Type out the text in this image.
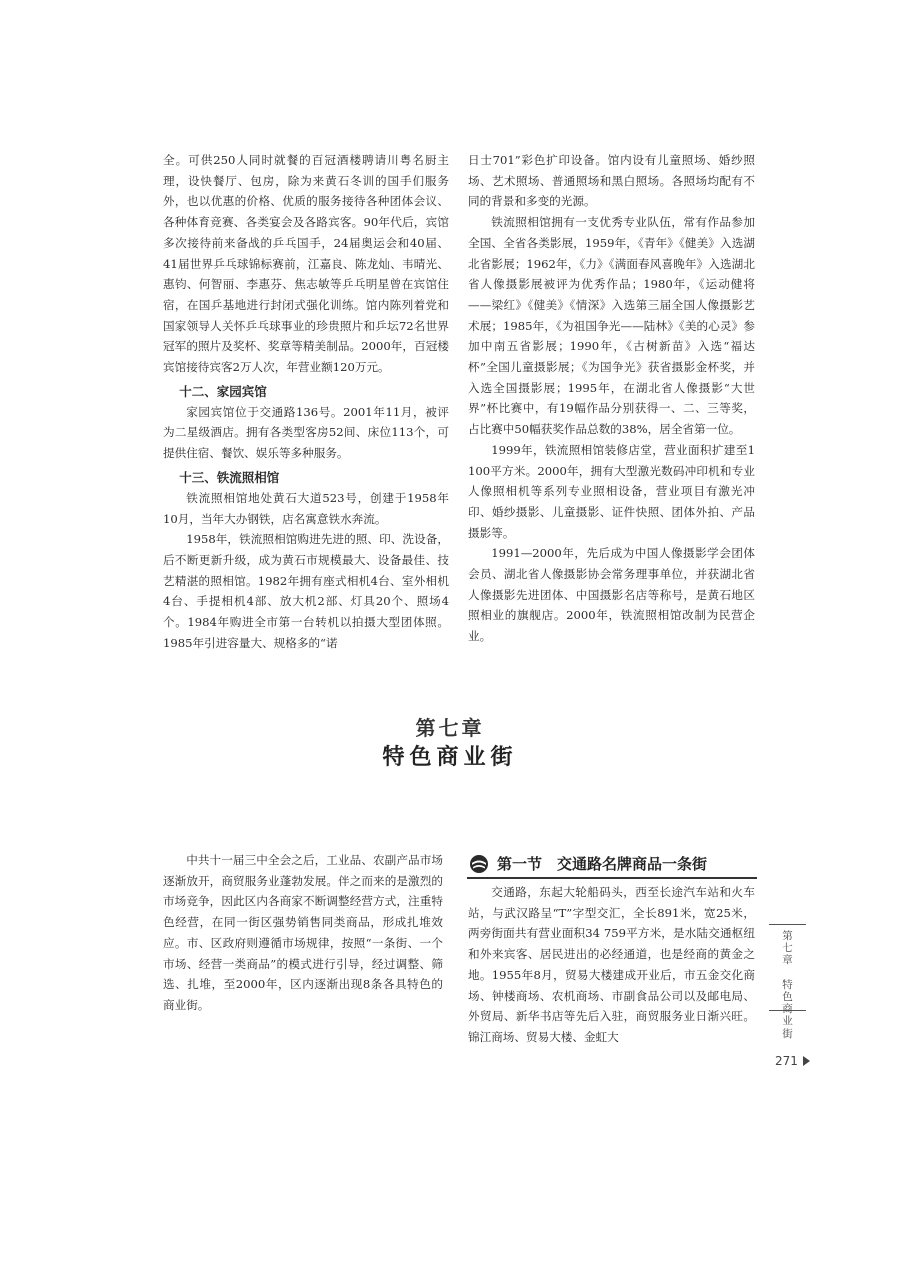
全。可供250人同时就餐的百冠酒楼聘请川粤名厨主理，设快餐厅、包房，除为来黄石冬训的国手们服务外，也以优惠的价格、优质的服务接待各种团体会议、各种体育竞赛、各类宴会及各路宾客。90年代后，宾馆多次接待前来备战的乒乓国手，24届奥运会和40届、41届世界乒乓球锦标赛前，江嘉良、陈龙灿、韦晴光、惠钧、何智丽、李惠芬、焦志敏等乒乓明星曾在宾馆住宿，在国乒基地进行封闭式强化训练。馆内陈列着党和国家领导人关怀乒乓球事业的珍贵照片和乒坛72名世界冠军的照片及奖杯、奖章等精美制品。2000年，百冠楼宾馆接待宾客2万人次，年营业额120万元。

十二、家园宾馆

家园宾馆位于交通路136号。2001年11月，被评为二星级酒店。拥有各类型客房52间、床位113个，可提供住宿、餐饮、娱乐等多种服务。

十三、铁流照相馆

铁流照相馆地处黄石大道523号，创建于1958年10月，当年大办钢铁，店名寓意铁水奔流。

1958年，铁流照相馆购进先进的照、印、洗设备，后不断更新升级，成为黄石市规模最大、设备最佳、技艺精湛的照相馆。1982年拥有座式相机4台、室外相机4台、手提相机4部、放大机2部、灯具20个、照场4个。1984年购进全市第一台转机以拍摄大型团体照。1985年引进容量大、规格多的“诺

日士701”彩色扩印设备。馆内设有儿童照场、婚纱照场、艺术照场、普通照场和黑白照场。各照场均配有不同的背景和多变的光源。

铁流照相馆拥有一支优秀专业队伍，常有作品参加全国、全省各类影展，1959年，《青年》《健美》入选湖北省影展；1962年，《力》《满面春风喜晚年》入选湖北省人像摄影展被评为优秀作品；1980年，《运动健将——梁红》《健美》《情深》入选第三届全国人像摄影艺术展；1985年，《为祖国争光——陆林》《美的心灵》参加中南五省影展；1990年，《古树新苗》入选“福达杯”全国儿童摄影展；《为国争光》获省摄影金杯奖，并入选全国摄影展；1995年，在湖北省人像摄影“大世界”杯比赛中，有19幅作品分别获得一、二、三等奖，占比赛中50幅获奖作品总数的38%，居全省第一位。

1999年，铁流照相馆装修店堂，营业面积扩建至1 100平方米。2000年，拥有大型激光数码冲印机和专业人像照相机等系列专业照相设备，营业项目有激光冲印、婚纱摄影、儿童摄影、证件快照、团体外拍、产品摄影等。

1991—2000年，先后成为中国人像摄影学会团体会员、湖北省人像摄影协会常务理事单位，并获湖北省人像摄影先进团体、中国摄影名店等称号，是黄石地区照相业的旗舰店。2000年，铁流照相馆改制为民营企业。

第七章
特色商业街

中共十一届三中全会之后，工业品、农副产品市场逐渐放开，商贸服务业蓬勃发展。伴之而来的是激烈的市场竞争，因此区内各商家不断调整经营方式，注重特色经营，在同一街区强势销售同类商品，形成扎堆效应。市、区政府则遵循市场规律，按照“一条街、一个市场、经营一类商品”的模式进行引导，经过调整、筛选、扎堆，至2000年，区内逐渐出现8条各具特色的商业街。

第一节　交通路名牌商品一条街

交通路，东起大轮船码头，西至长途汽车站和火车站，与武汉路呈“T”字型交汇，全长891米，宽25米，两旁街面共有营业面积34 759平方米，是水陆交通枢纽和外来宾客、居民进出的必经通道，也是经商的黄金之地。1955年8月，贸易大楼建成开业后，市五金交化商场、钟楼商场、农机商场、市副食品公司以及邮电局、外贸局、新华书店等先后入驻，商贸服务业日渐兴旺。锦江商场、贸易大楼、金虹大

第
七
章

特
色
商
业
街
271
